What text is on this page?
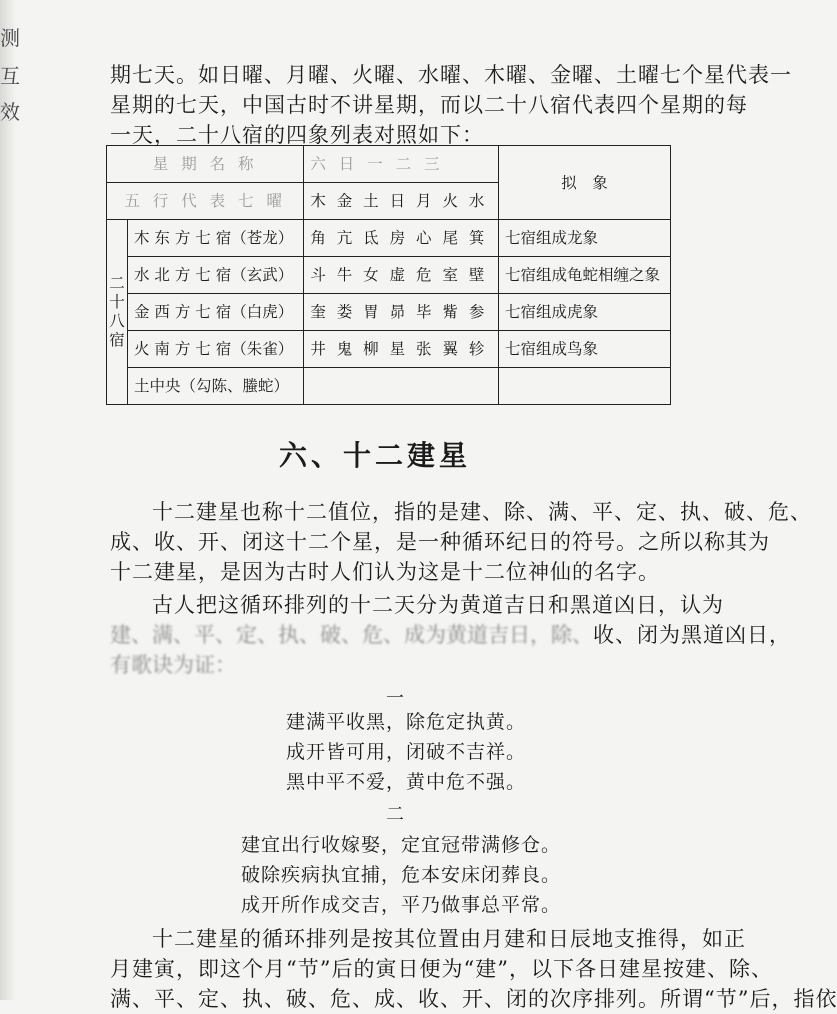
测
互
效
期七天。如日曜、月曜、火曜、水曜、木曜、金曜、土曜七个星代表一
星期的七天，中国古时不讲星期，而以二十八宿代表四个星期的每
一天，二十八宿的四象列表对照如下：
星 期 名 称		六 日 一 二 三	拟　象
五 行 代 表 七 曜		木 金 土 日 月 火 水	
二十八宿	木 东 方 七 宿（苍龙）	角 亢 氐 房 心 尾 箕	七宿组成龙象
	水 北 方 七 宿（玄武）	斗 牛 女 虚 危 室 壁	七宿组成龟蛇相缠之象
	金 西 方 七 宿（白虎）	奎 娄 胃 昴 毕 觜 参	七宿组成虎象
	火 南 方 七 宿（朱雀）	井 鬼 柳 星 张 翼 轸	七宿组成鸟象
	土中央（勾陈、螣蛇）		
六、十二建星
十二建星也称十二值位，指的是建、除、满、平、定、执、破、危、
成、收、开、闭这十二个星，是一种循环纪日的符号。之所以称其为
十二建星，是因为古时人们认为这是十二位神仙的名字。
古人把这循环排列的十二天分为黄道吉日和黑道凶日，认为
建、满、平、定、执、破、危、成为黄道吉日，除、收、闭为黑道凶日，
有歌诀为证：
一
建满平收黑，除危定执黄。
成开皆可用，闭破不吉祥。
黑中平不爱，黄中危不强。
二
建宜出行收嫁娶，定宜冠带满修仓。
破除疾病执宜捕，危本安床闭葬良。
成开所作成交吉，平乃做事总平常。
十二建星的循环排列是按其位置由月建和日辰地支推得，如正
月建寅，即这个月“节”后的寅日便为“建”，以下各日建星按建、除、
满、平、定、执、破、危、成、收、开、闭的次序排列。所谓“节”后，指依
